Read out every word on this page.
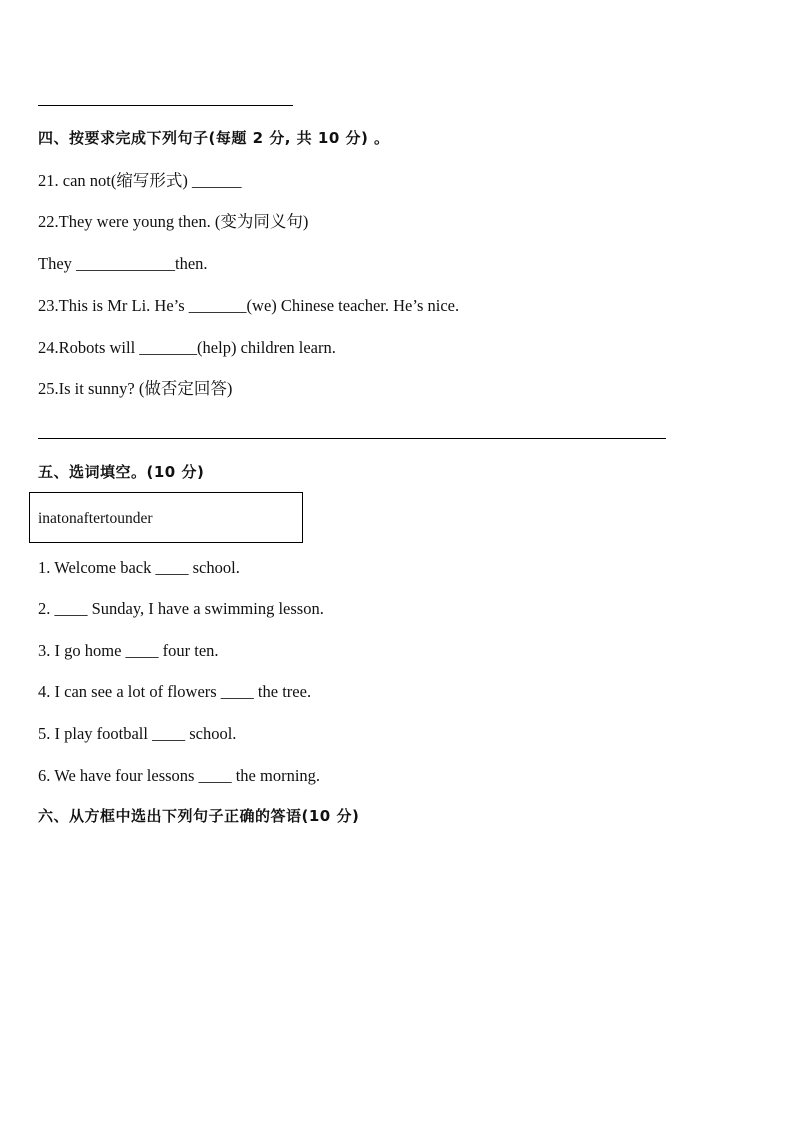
四、按要求完成下列句子(每题 2 分, 共 10 分) 。
21. can not(缩写形式) ______
22.They were young then. (变为同义句)
They ____________then.
23.This is Mr Li. He’s _______(we) Chinese teacher. He’s nice.
24.Robots will _______(help) children learn.
25.Is it sunny? (做否定回答)
五、选词填空。(10 分)
inatonaftertounder
1. Welcome back ____ school.
2. ____ Sunday, I have a swimming lesson.
3. I go home ____ four ten.
4. I can see a lot of flowers ____ the tree.
5. I play football ____ school.
6. We have four lessons ____ the morning.
六、从方框中选出下列句子正确的答语(10 分)
